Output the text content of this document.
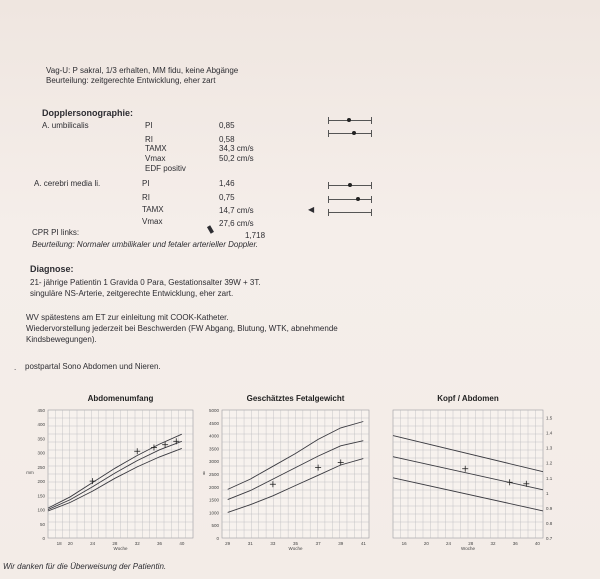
Vag-U: P sakral, 1/3 erhalten, MM fidu, keine Abgänge
Beurteilung: zeitgerechte Entwicklung, eher zart
Dopplersonographie:
A. umbilicalis	PI	0,85
RI	0,58
TAMX	34,3 cm/s
Vmax	50,2 cm/s
EDF positiv
A. cerebri media li.	PI	1,46
RI	0,75
TAMX	14,7 cm/s
Vmax	27,6 cm/s
◀
▮
CPR PI links:	1,718
Beurteilung: Normaler umbilikaler und fetaler arterieller Doppler.
Diagnose:
21- jährige Patientin 1 Gravida 0 Para, Gestationsalter 39W + 3T.
singuläre NS-Arterie, zeitgerechte Entwicklung, eher zart.
WV spätestens am ET zur einleitung mit COOK-Katheter.
Wiedervorstellung jederzeit bei Beschwerden (FW Abgang, Blutung, WTK, abnehmende
Kindsbewegungen).
. postpartal Sono Abdomen und Nieren.
Abdomenumfang
0
50
100
150
200
250
300
350
400
450
18 20	24	28	32	36	40
Woche
mm
Geschätztes Fetalgewicht
0
500
1000
1500
2000
2500
3000
3500
4000
4500
5000
29	31	33	35	37	39	41
Woche
g
Kopf / Abdomen
0.7
0.8
0.9
1
1.1
1.2
1.3
1.4
1.5
16	20	24	28	32	36	40
Woche
Wir danken für die Überweisung der Patientin.
